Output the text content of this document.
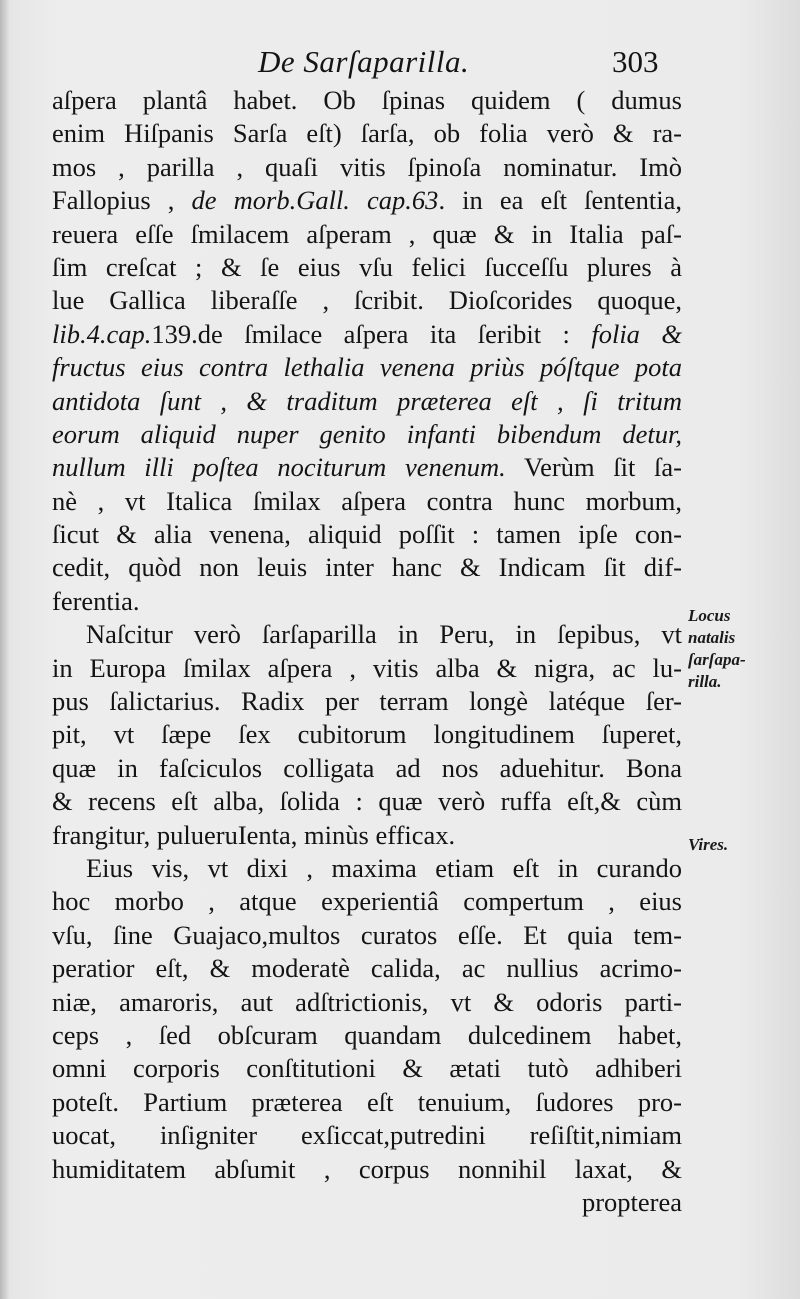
De Sarſaparilla.	303
aſpera plantâ habet. Ob ſpinas quidem ( dumus
enim Hiſpanis Sarſa eſt) ſarſa, ob folia verò & ra-
mos , parilla , quaſi vitis ſpinoſa nominatur. Imò
Fallopius , de morb.Gall. cap.63. in ea eſt ſententia,
reuera eſſe ſmilacem aſperam , quæ & in Italia paſ-
ſim creſcat ; & ſe eius vſu felici ſucceſſu plures à
lue Gallica liberaſſe , ſcribit. Dioſcorides quoque,
lib.4.cap.139.de ſmilace aſpera ita ſeribit : folia &
fructus eius contra lethalia venena priùs póſtque pota
antidota ſunt , & traditum præterea eſt , ſi tritum
eorum aliquid nuper genito infanti bibendum detur,
nullum illi poſtea nociturum venenum. Verùm ſit ſa-
nè , vt Italica ſmilax aſpera contra hunc morbum,
ſicut & alia venena, aliquid poſſit : tamen ipſe con-
cedit, quòd non leuis inter hanc & Indicam ſit dif-
ferentia.
Naſcitur verò ſarſaparilla in Peru, in ſepibus, vt
in Europa ſmilax aſpera , vitis alba & nigra, ac lu-
pus ſalictarius. Radix per terram longè latéque ſer-
pit, vt ſæpe ſex cubitorum longitudinem ſuperet,
quæ in faſciculos colligata ad nos aduehitur. Bona
& recens eſt alba, ſolida : quæ verò ruffa eſt,& cùm
frangitur, pulueruIenta, minùs efficax.
Eius vis, vt dixi , maxima etiam eſt in curando
hoc morbo , atque experientiâ compertum , eius
vſu, ſine Guajaco,multos curatos eſſe. Et quia tem-
peratior eſt, & moderatè calida, ac nullius acrimo-
niæ, amaroris, aut adſtrictionis, vt & odoris parti-
ceps , ſed obſcuram quandam dulcedinem habet,
omni corporis conſtitutioni & ætati tutò adhiberi
poteſt. Partium præterea eſt tenuium, ſudores pro-
uocat, inſigniter exſiccat,putredini reſiſtit,nimiam
humiditatem abſumit , corpus nonnihil laxat, &
propterea
Locus
natalis
ſarſapa-
rilla.
Vires.
